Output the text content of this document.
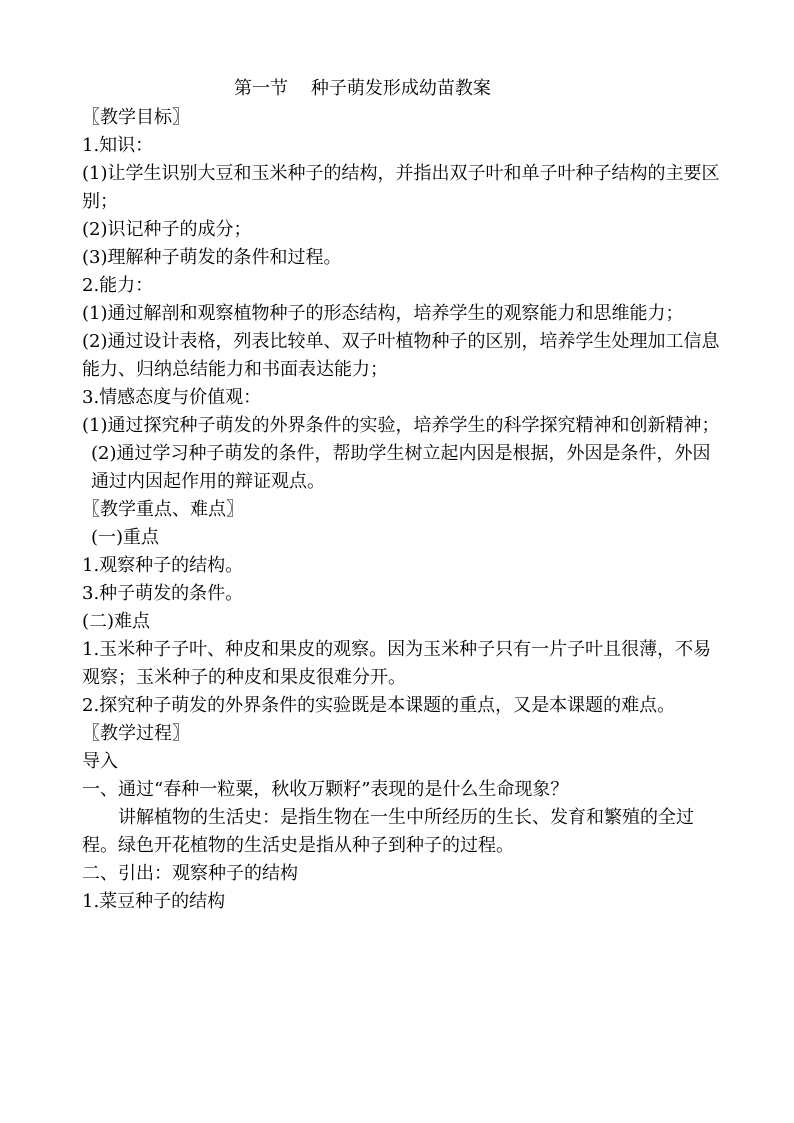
第一节    种子萌发形成幼苗教案
〖教学目标〗
1.知识：
(1)让学生识别大豆和玉米种子的结构，并指出双子叶和单子叶种子结构的主要区别；
(2)识记种子的成分；
(3)理解种子萌发的条件和过程。
2.能力：
(1)通过解剖和观察植物种子的形态结构，培养学生的观察能力和思维能力；
(2)通过设计表格，列表比较单、双子叶植物种子的区别，培养学生处理加工信息能力、归纳总结能力和书面表达能力；
3.情感态度与价值观：
(1)通过探究种子萌发的外界条件的实验，培养学生的科学探究精神和创新精神；
(2)通过学习种子萌发的条件，帮助学生树立起内因是根据，外因是条件，外因通过内因起作用的辩证观点。
〖教学重点、难点〗
(一)重点
1.观察种子的结构。
3.种子萌发的条件。
(二)难点
1.玉米种子子叶、种皮和果皮的观察。因为玉米种子只有一片子叶且很薄，不易观察；玉米种子的种皮和果皮很难分开。
2.探究种子萌发的外界条件的实验既是本课题的重点，又是本课题的难点。
〖教学过程〗
导入
一、通过“春种一粒粟，秋收万颗籽”表现的是什么生命现象？
讲解植物的生活史：是指生物在一生中所经历的生长、发育和繁殖的全过程。绿色开花植物的生活史是指从种子到种子的过程。
二、引出：观察种子的结构
1.菜豆种子的结构
